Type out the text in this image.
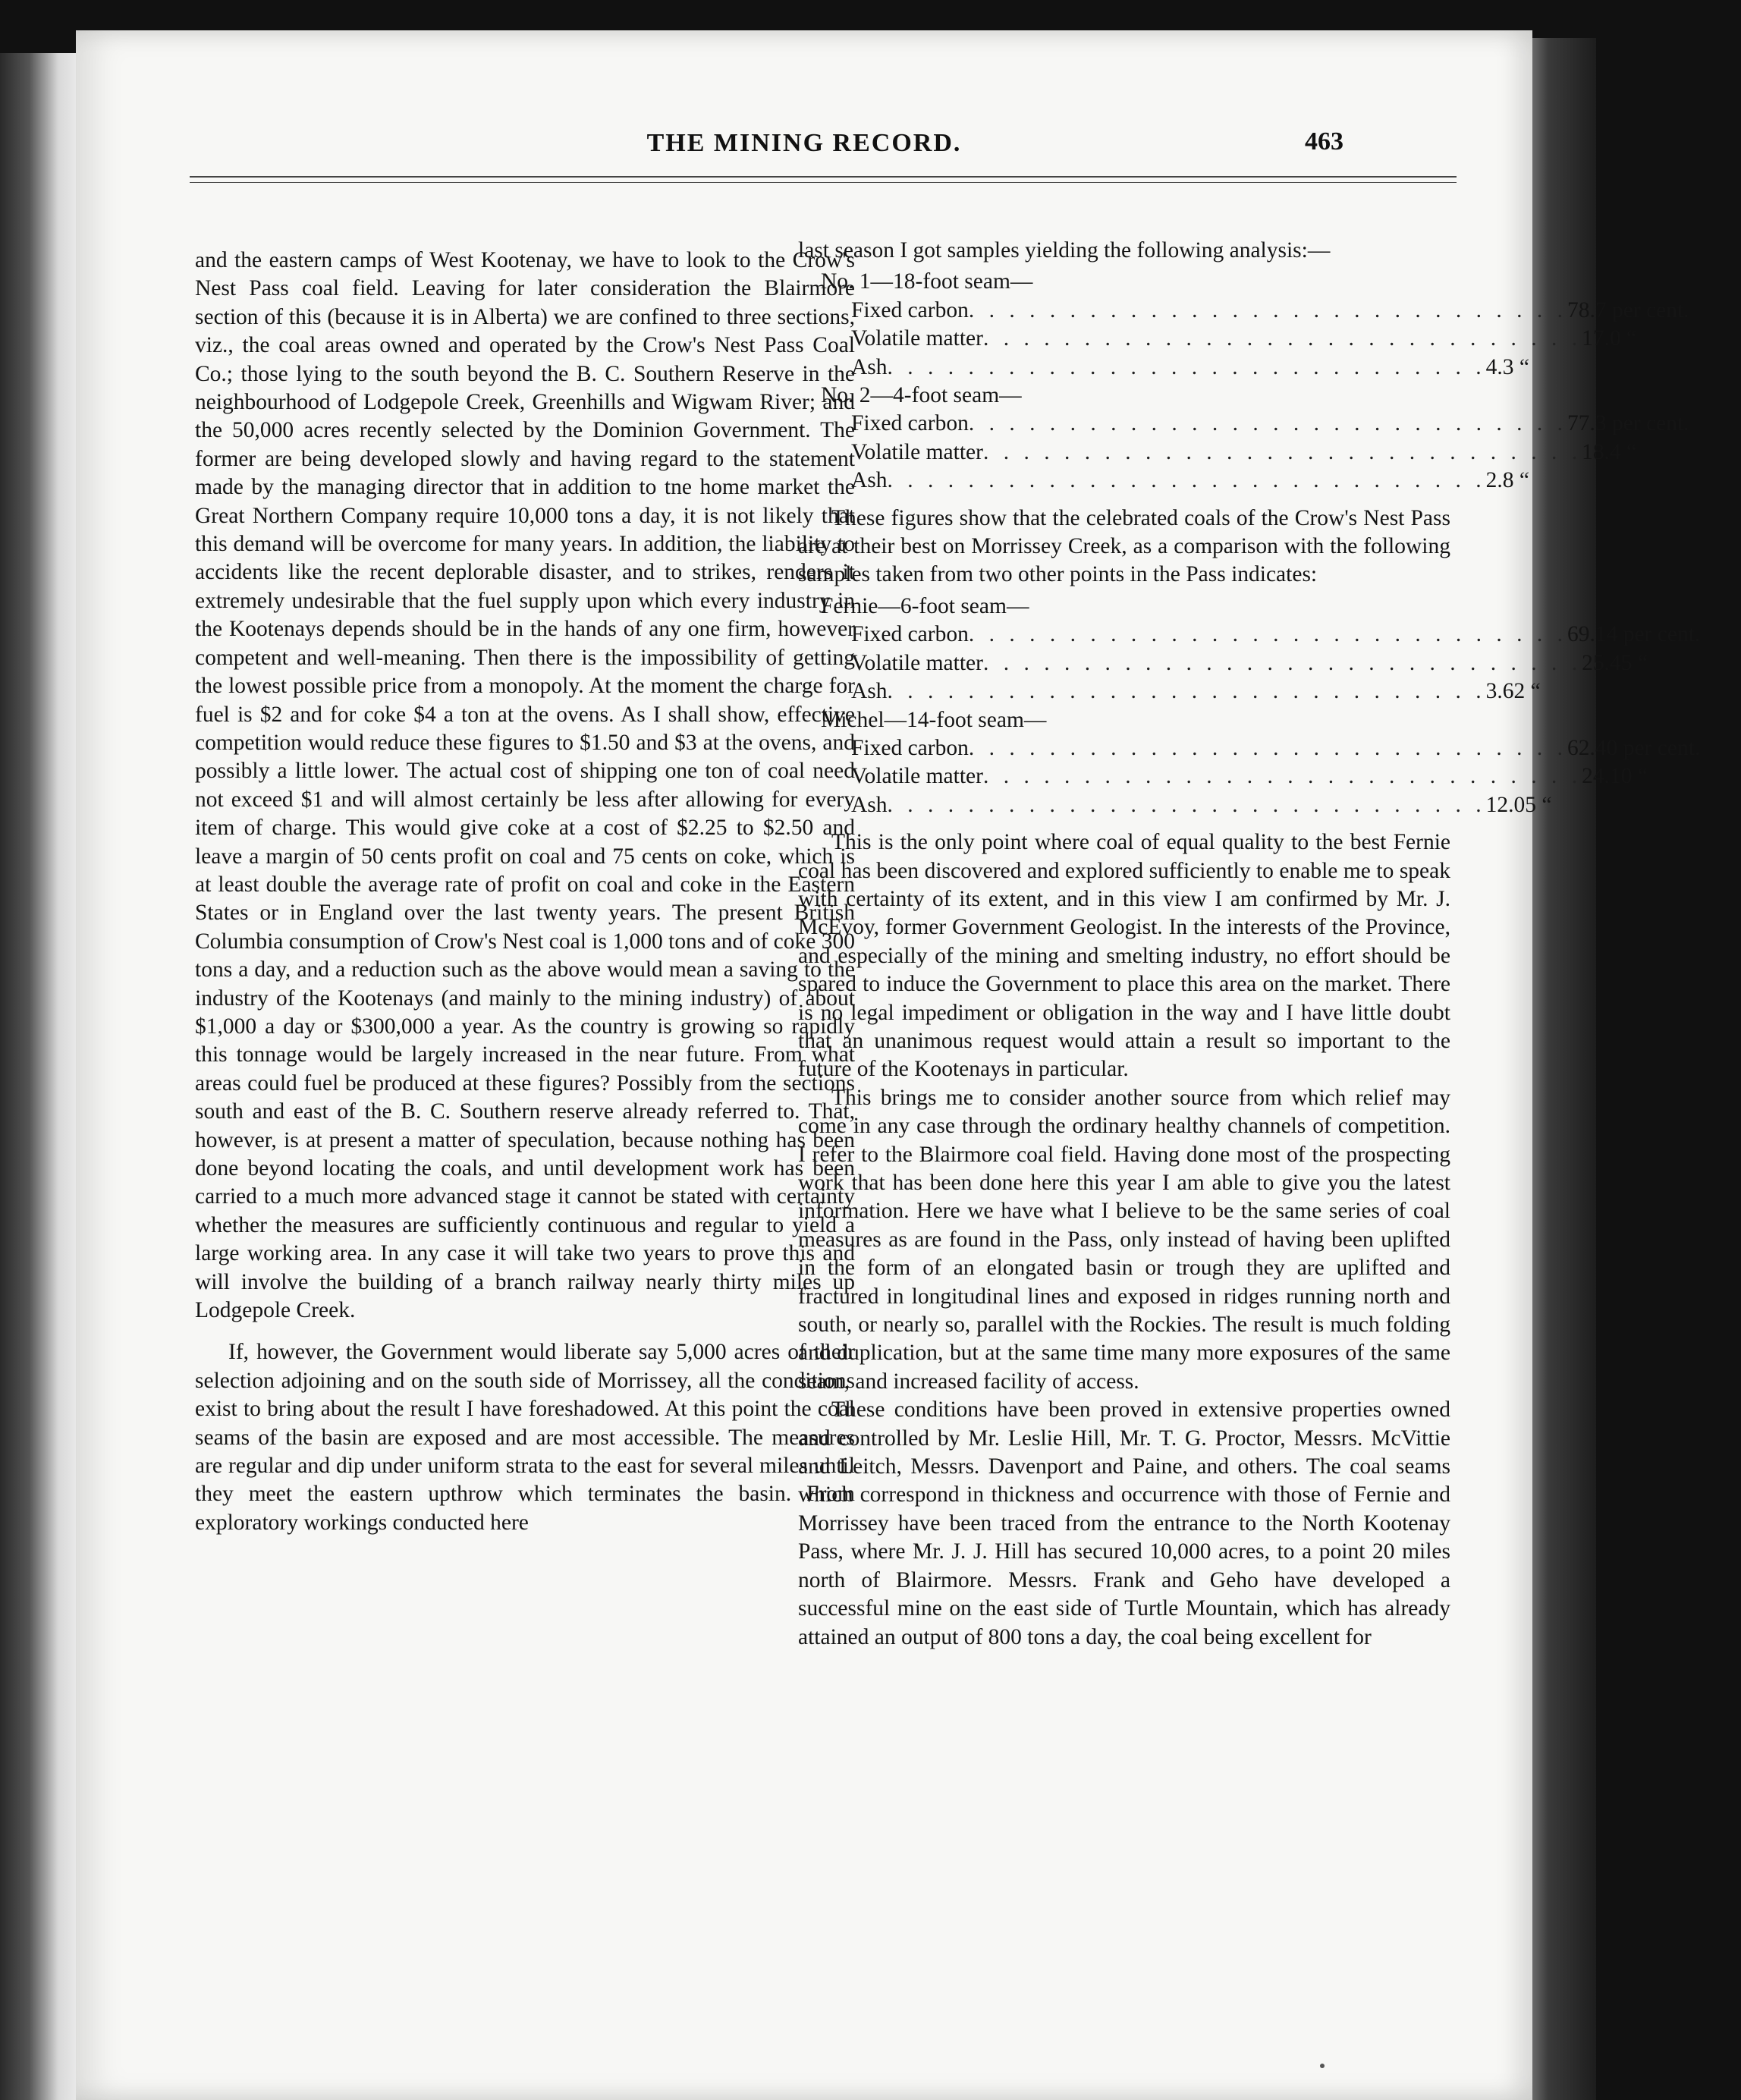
THE MINING RECORD.	463

and the eastern camps of West Kootenay, we have to look to the Crow's Nest Pass coal field. Leaving for later consideration the Blairmore section of this (because it is in Alberta) we are confined to three sections, viz., the coal areas owned and operated by the Crow's Nest Pass Coal Co.; those lying to the south beyond the B. C. Southern Reserve in the neighbourhood of Lodgepole Creek, Greenhills and Wigwam River; and the 50,000 acres recently selected by the Dominion Government. The former are being developed slowly and having regard to the statement made by the managing director that in addition to tne home market the Great Northern Company require 10,000 tons a day, it is not likely that this demand will be overcome for many years. In addition, the liability to accidents like the recent deplorable disaster, and to strikes, renders it extremely undesirable that the fuel supply upon which every industry in the Kootenays depends should be in the hands of any one firm, however competent and well-meaning. Then there is the impossibility of getting the lowest possible price from a monopoly. At the moment the charge for fuel is $2 and for coke $4 a ton at the ovens. As I shall show, effective competition would reduce these figures to $1.50 and $3 at the ovens, and possibly a little lower. The actual cost of shipping one ton of coal need not exceed $1 and will almost certainly be less after allowing for every item of charge. This would give coke at a cost of $2.25 to $2.50 and leave a margin of 50 cents profit on coal and 75 cents on coke, which is at least double the average rate of profit on coal and coke in the Eastern States or in England over the last twenty years. The present British Columbia consumption of Crow's Nest coal is 1,000 tons and of coke 300 tons a day, and a reduction such as the above would mean a saving to the industry of the Kootenays (and mainly to the mining industry) of about $1,000 a day or $300,000 a year. As the country is growing so rapidly this tonnage would be largely increased in the near future. From what areas could fuel be produced at these figures? Possibly from the sections south and east of the B. C. Southern reserve already referred to. That, however, is at present a matter of speculation, because nothing has been done beyond locating the coals, and until development work has been carried to a much more advanced stage it cannot be stated with certainty whether the measures are sufficiently continuous and regular to yield a large working area. In any case it will take two years to prove this and will involve the building of a branch railway nearly thirty miles up Lodgepole Creek.

If, however, the Government would liberate say 5,000 acres of their selection adjoining and on the south side of Morrissey, all the conditions exist to bring about the result I have foreshadowed. At this point the coal seams of the basin are exposed and are most accessible. The measures are regular and dip under uniform strata to the east for several miles until they meet the eastern upthrow which terminates the basin. From exploratory workings conducted here

last season I got samples yielding the following analysis:—

No. 1—18-foot seam—

Fixed carbon . . . . . . . . . . . . . . . . . . . . . . . . . . . . . . 78.7 per cent.
Volatile matter . . . . . . . . . . . . . . . . . . . . . . . . . . . . . . 17.0 “
Ash . . . . . . . . . . . . . . . . . . . . . . . . . . . . . . 4.3 “

No. 2—4-foot seam—

Fixed carbon . . . . . . . . . . . . . . . . . . . . . . . . . . . . . . 77.3 per cent.
Volatile matter . . . . . . . . . . . . . . . . . . . . . . . . . . . . . . 18.4 “
Ash . . . . . . . . . . . . . . . . . . . . . . . . . . . . . . 2.8 “

These figures show that the celebrated coals of the Crow's Nest Pass are at their best on Morrissey Creek, as a comparison with the following samples taken from two other points in the Pass indicates:

Fernie—6-foot seam—

Fixed carbon . . . . . . . . . . . . . . . . . . . . . . . . . . . . . . 69.14 per cent.
Volatile matter . . . . . . . . . . . . . . . . . . . . . . . . . . . . . . 25.45 “
Ash . . . . . . . . . . . . . . . . . . . . . . . . . . . . . . 3.62 “

Michel—14-foot seam—

Fixed carbon . . . . . . . . . . . . . . . . . . . . . . . . . . . . . . 62.40 per cent.
Volatile matter . . . . . . . . . . . . . . . . . . . . . . . . . . . . . . 24.10 “
Ash . . . . . . . . . . . . . . . . . . . . . . . . . . . . . . 12.05 “

This is the only point where coal of equal quality to the best Fernie coal has been discovered and explored sufficiently to enable me to speak with certainty of its extent, and in this view I am confirmed by Mr. J. McEvoy, former Government Geologist. In the interests of the Province, and especially of the mining and smelting industry, no effort should be spared to induce the Government to place this area on the market. There is no legal impediment or obligation in the way and I have little doubt that an unanimous request would attain a result so important to the future of the Kootenays in particular.

This brings me to consider another source from which relief may come in any case through the ordinary healthy channels of competition. I refer to the Blairmore coal field. Having done most of the prospecting work that has been done here this year I am able to give you the latest information. Here we have what I believe to be the same series of coal measures as are found in the Pass, only instead of having been uplifted in the form of an elongated basin or trough they are uplifted and fractured in longitudinal lines and exposed in ridges running north and south, or nearly so, parallel with the Rockies. The result is much folding and duplication, but at the same time many more exposures of the same seam, and increased facility of access.

These conditions have been proved in extensive properties owned and controlled by Mr. Leslie Hill, Mr. T. G. Proctor, Messrs. McVittie and Leitch, Messrs. Davenport and Paine, and others. The coal seams which correspond in thickness and occurrence with those of Fernie and Morrissey have been traced from the entrance to the North Kootenay Pass, where Mr. J. J. Hill has secured 10,000 acres, to a point 20 miles north of Blairmore. Messrs. Frank and Geho have developed a successful mine on the east side of Turtle Mountain, which has already attained an output of 800 tons a day, the coal being excellent for
